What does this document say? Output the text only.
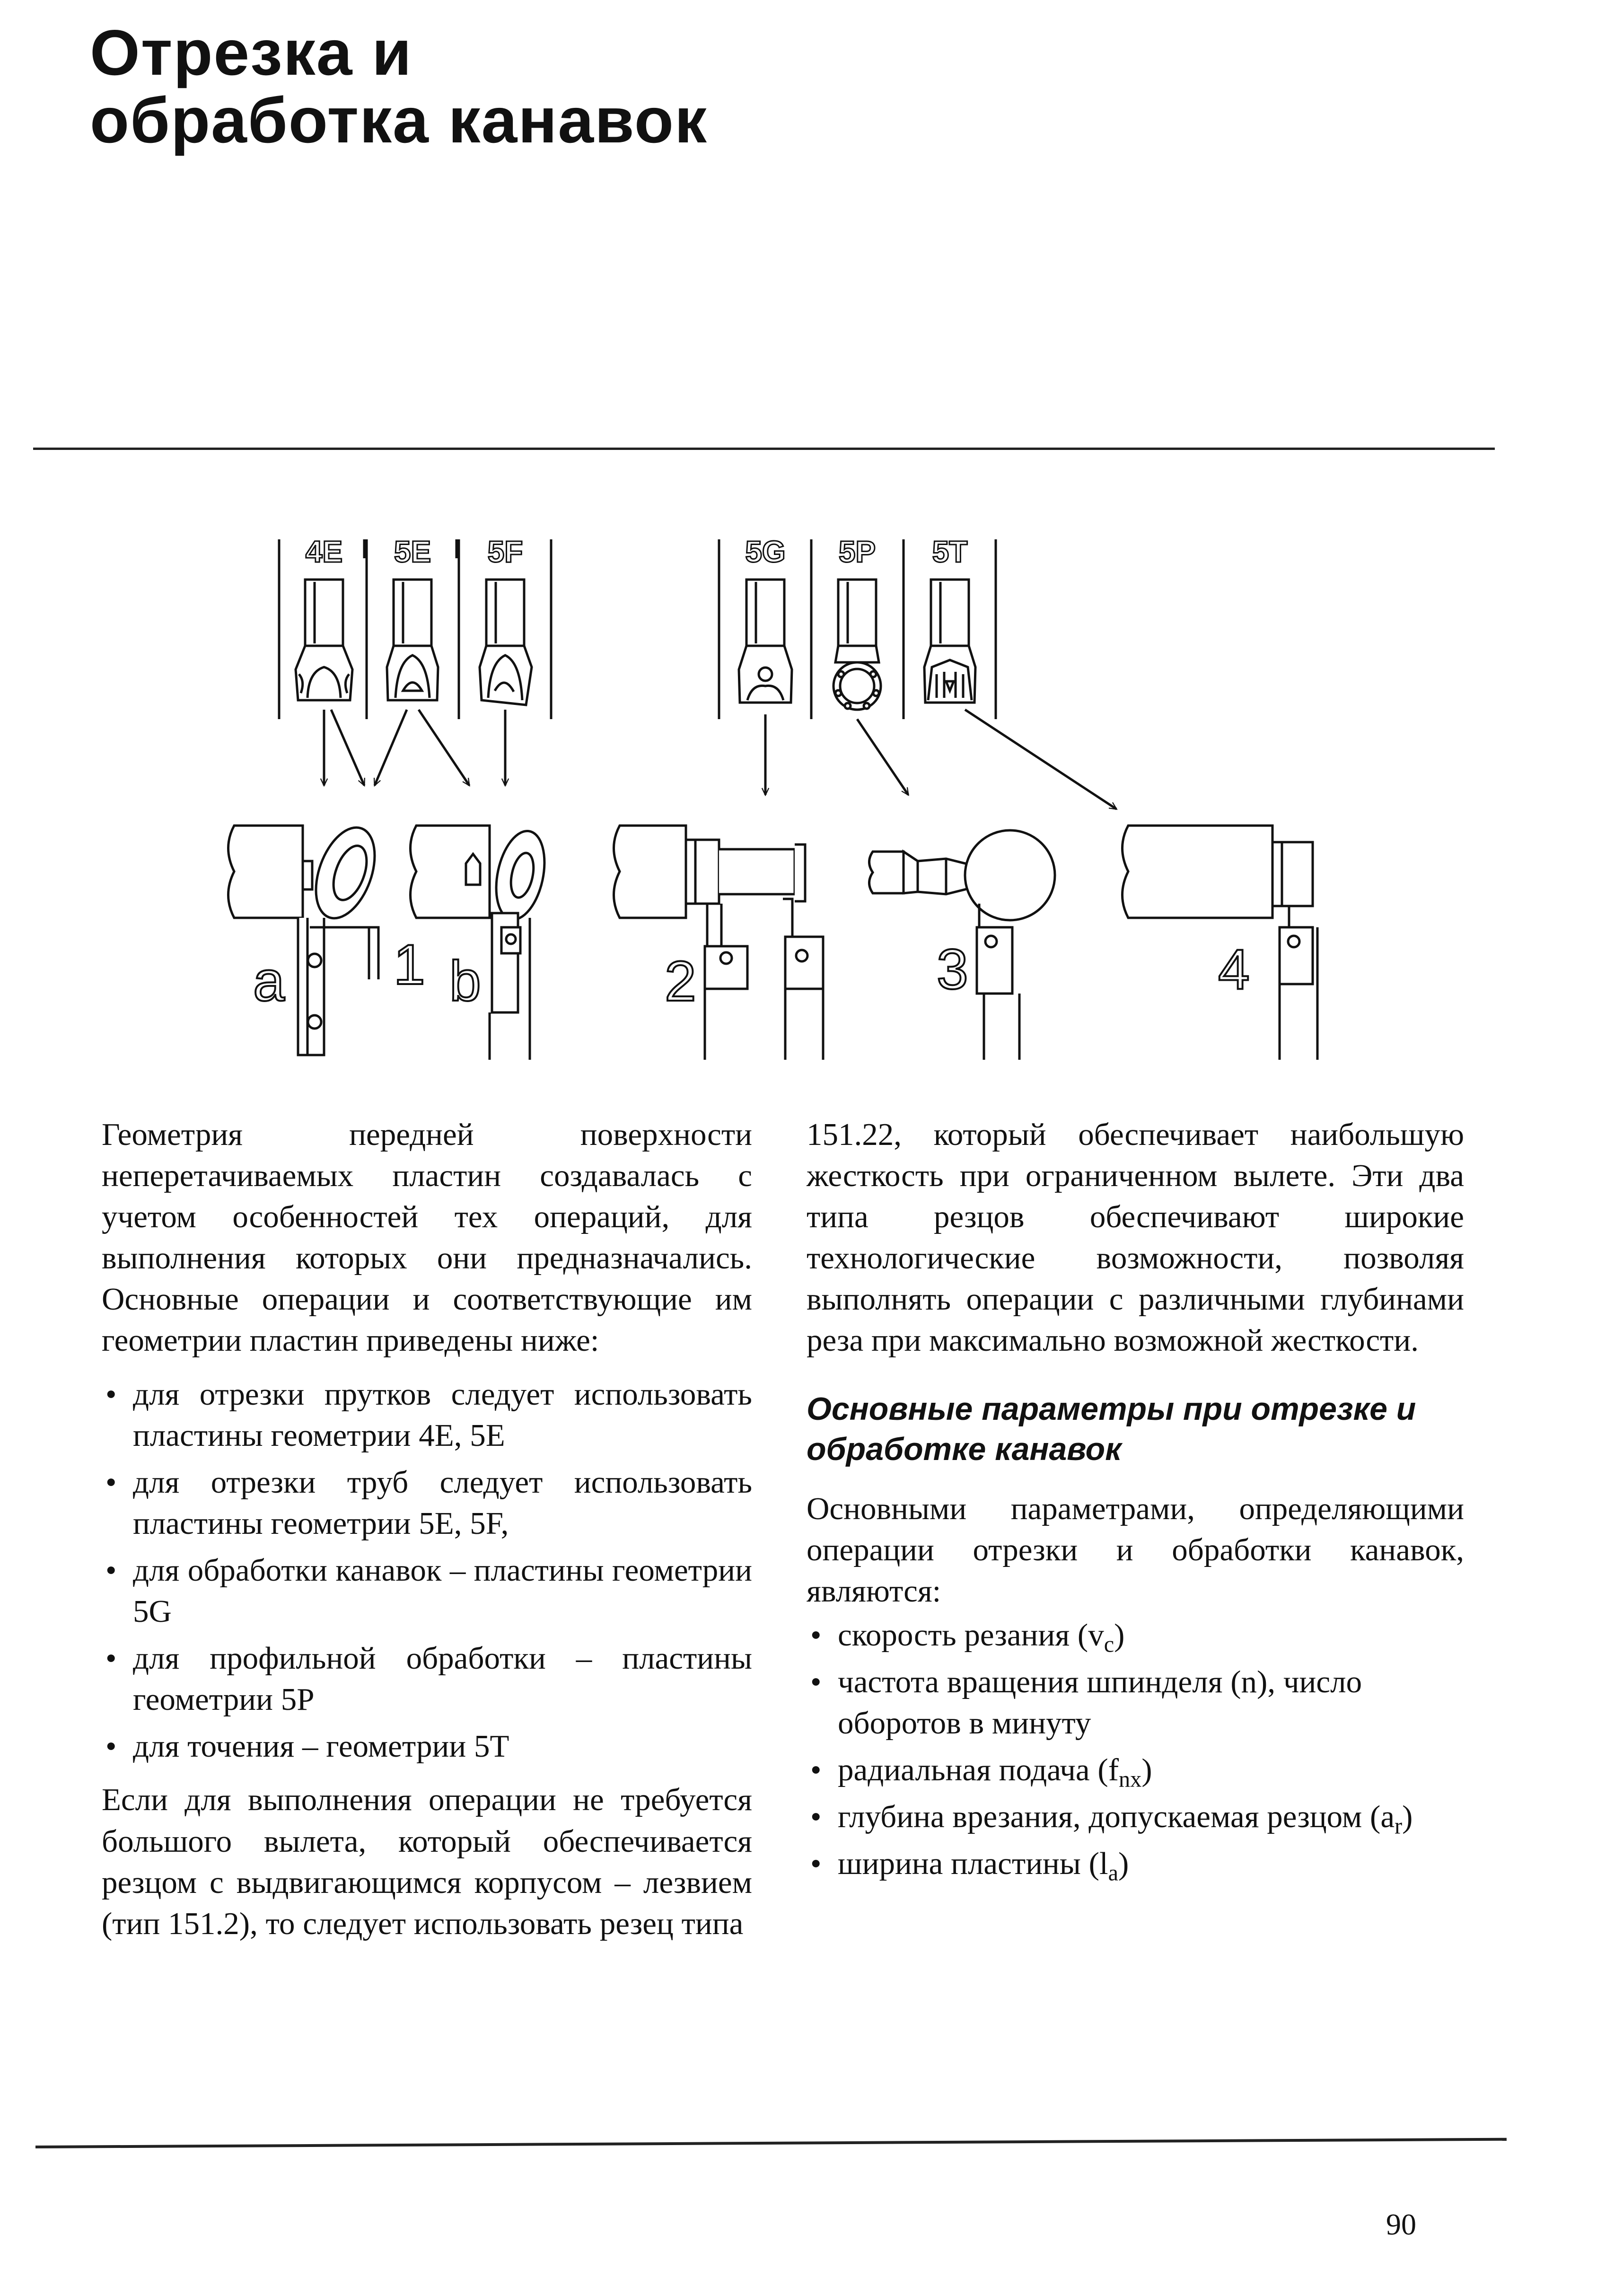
Отрезка и
обработка канавок
4E 5E 5F	5G 5P 5T
a 1 b	2	3	4

Геометрия передней поверхности непеpетачиваемых пластин создавалась с учетом особенностей тех операций, для выполнения которых они предназначались. Основные операции и соответствующие им геометрии пластин приведены ниже:

• для отрезки прутков следует использовать пластины геометрии 4E, 5E
• для отрезки труб следует использовать пластины геометрии 5E, 5F,
• для обработки канавок – пластины геометрии 5G
• для профильной обработки – пластины геометрии 5P
• для точения – геометрии 5T

Если для выполнения операции не требуется большого вылета, который обеспечивается резцом с выдвигающимся корпусом – лезвием (тип 151.2), то следует использовать резец типа

151.22, который обеспечивает наибольшую жесткость при ограниченном вылете. Эти два типа резцов обеспечивают широкие технологические возможности, позволяя выполнять операции с различными глубинами реза при максимально возможной жесткости.

Основные параметры при отрезке и обработке канавок

Основными параметрами, определяющими операции отрезки и обработки канавок, являются:

• скорость резания $(v_c)$
• частота вращения шпинделя (n), число оборотов в минуту
• радиальная подача $(f_{nx})$
• глубина врезания, допускаемая резцом $(a_r)$
• ширина пластины $(l_a)$
90
